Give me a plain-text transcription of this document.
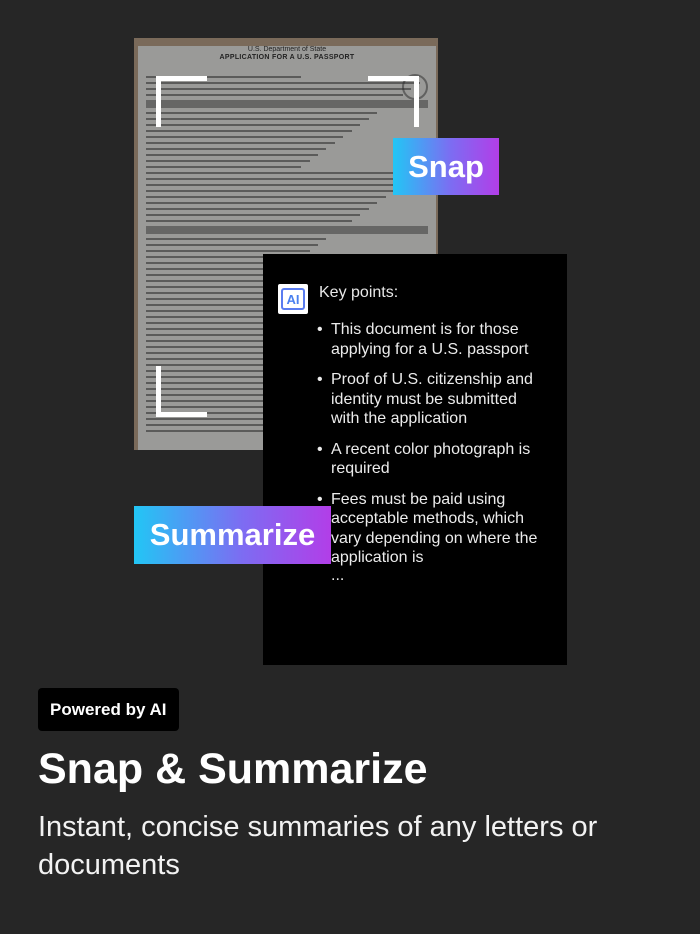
U.S. Department of State
APPLICATION FOR A U.S. PASSPORT
Snap
AI	Key points:
• This document is for those applying for a U.S. passport
• Proof of U.S. citizenship and identity must be submitted with the application
• A recent color photograph is required
• Fees must be paid using acceptable methods, which vary depending on where the application is
...
Summarize
Powered by AI
Snap & Summarize

Instant, concise summaries of any letters or documents
